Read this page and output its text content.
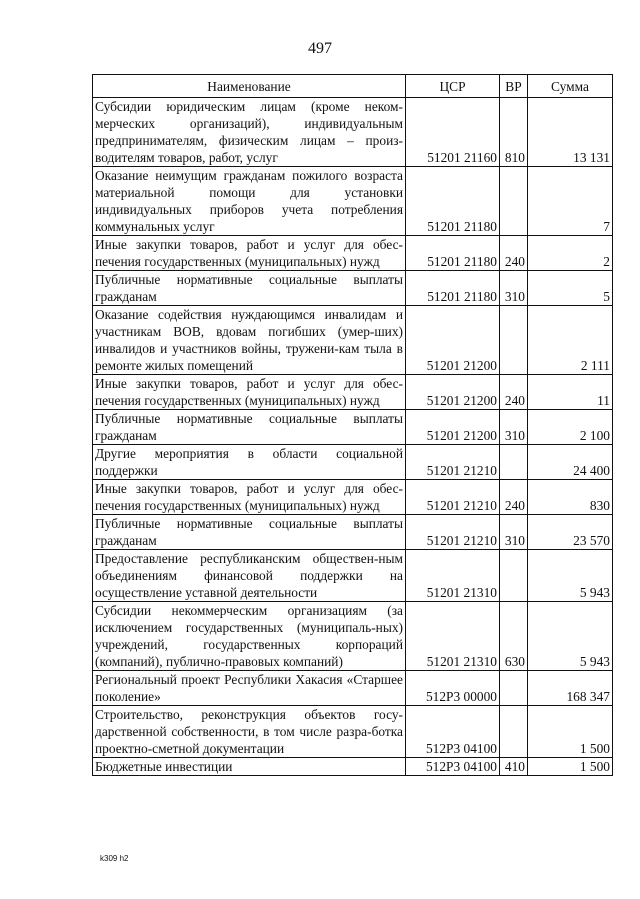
497
Наименование	ЦСР	ВР	Сумма
Субсидии юридическим лицам (кроме неком-мерческих организаций), индивидуальным предпринимателям, физическим лицам – произ-водителям товаров, работ, услуг	51201 21160	810	13 131
Оказание неимущим гражданам пожилого возраста материальной помощи для установки индивидуальных приборов учета потребления коммунальных услуг	51201 21180		7
Иные закупки товаров, работ и услуг для обес-печения государственных (муниципальных) нужд	51201 21180	240	2
Публичные нормативные социальные выплаты гражданам	51201 21180	310	5
Оказание содействия нуждающимся инвалидам и участникам ВОВ, вдовам погибших (умер-ших) инвалидов и участников войны, тружени-кам тыла в ремонте жилых помещений	51201 21200		2 111
Иные закупки товаров, работ и услуг для обес-печения государственных (муниципальных) нужд	51201 21200	240	11
Публичные нормативные социальные выплаты гражданам	51201 21200	310	2 100
Другие мероприятия в области социальной поддержки	51201 21210		24 400
Иные закупки товаров, работ и услуг для обес-печения государственных (муниципальных) нужд	51201 21210	240	830
Публичные нормативные социальные выплаты гражданам	51201 21210	310	23 570
Предоставление республиканским обществен-ным объединениям финансовой поддержки на осуществление уставной деятельности	51201 21310		5 943
Субсидии некоммерческим организациям (за исключением государственных (муниципаль-ных) учреждений, государственных корпораций (компаний), публично-правовых компаний)	51201 21310	630	5 943
Региональный проект Республики Хакасия «Старшее поколение»	512P3 00000		168 347
Строительство, реконструкция объектов госу-дарственной собственности, в том числе разра-ботка проектно-сметной документации	512P3 04100		1 500
Бюджетные инвестиции	512P3 04100	410	1 500
k309 h2
